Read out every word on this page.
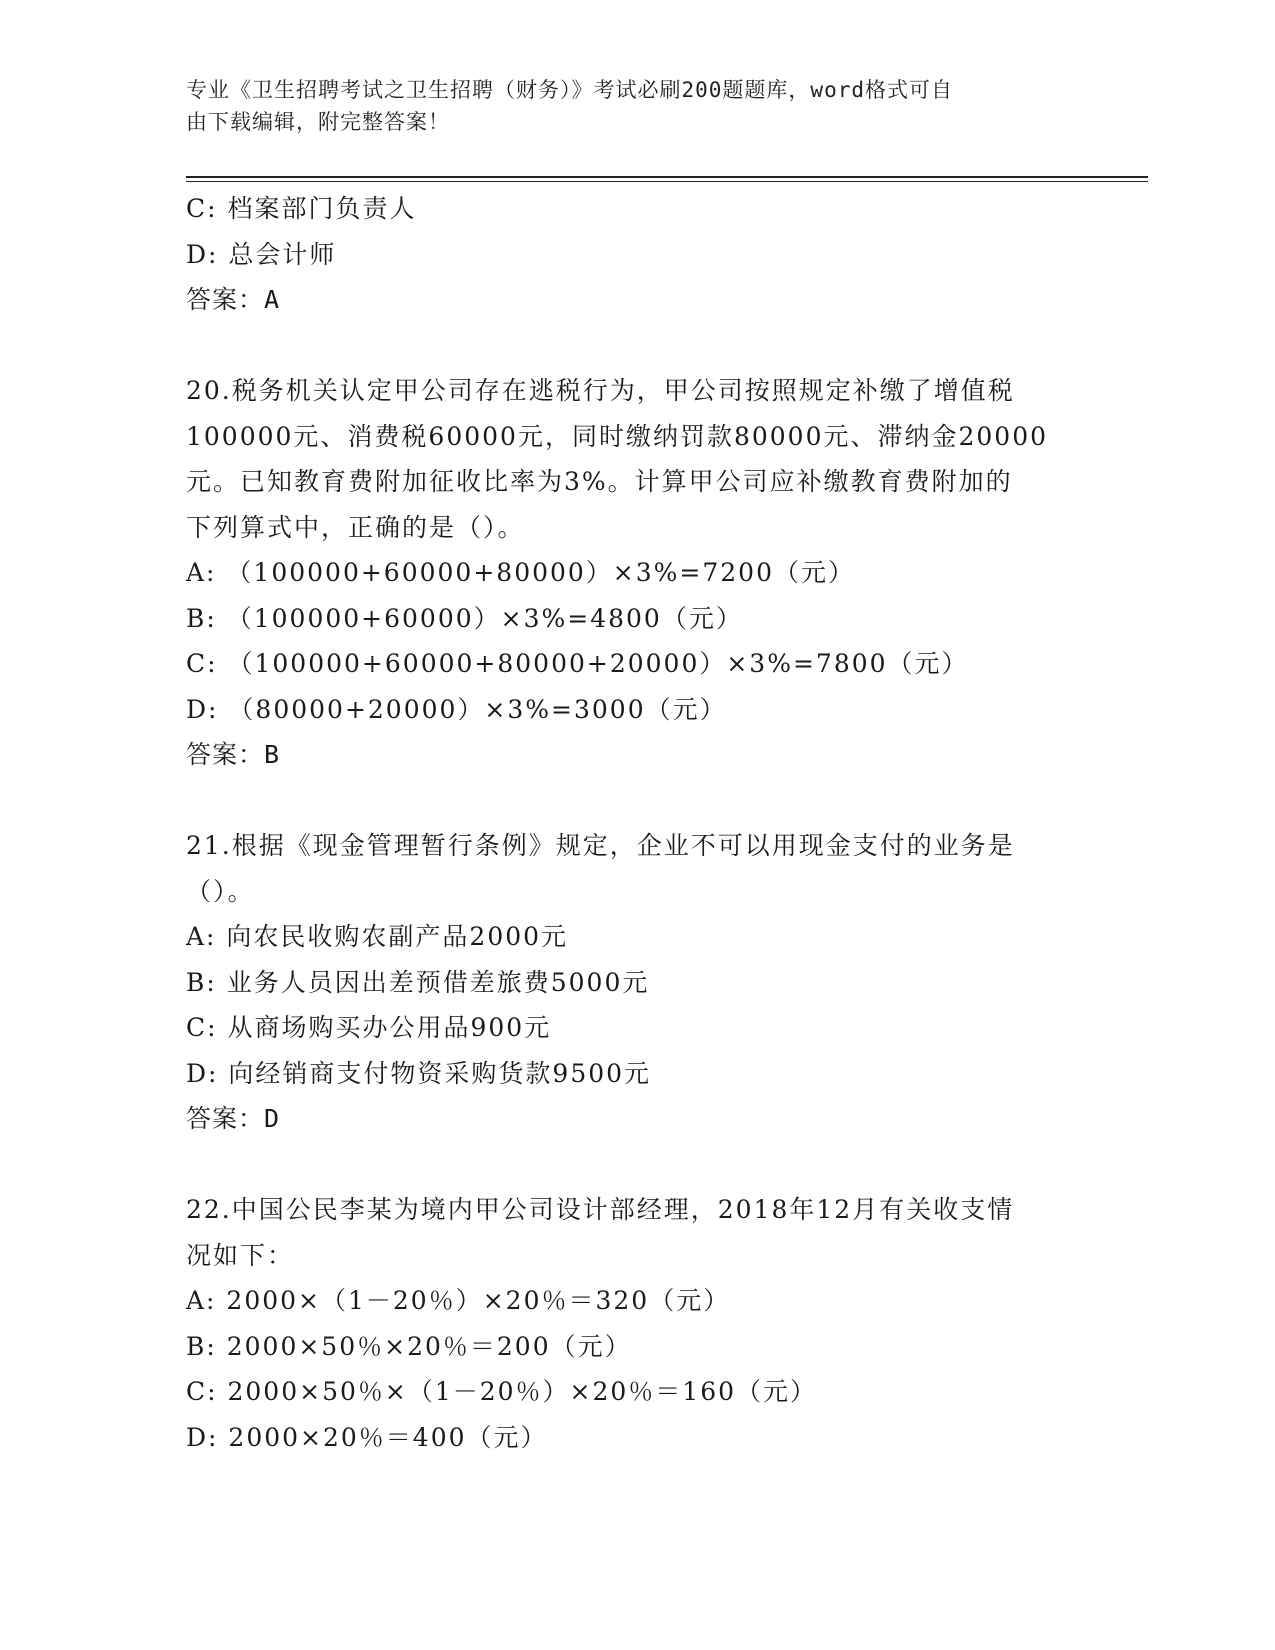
专业《卫生招聘考试之卫生招聘（财务）》考试必刷200题题库，word格式可自
由下载编辑，附完整答案！
C: 档案部门负责人
D: 总会计师
答案：A
20.税务机关认定甲公司存在逃税行为，甲公司按照规定补缴了增值税
100000元、消费税60000元，同时缴纳罚款80000元、滞纳金20000
元。已知教育费附加征收比率为3%。计算甲公司应补缴教育费附加的
下列算式中，正确的是（）。
A: （100000+60000+80000）×3%=7200（元）
B: （100000+60000）×3%=4800（元）
C: （100000+60000+80000+20000）×3%=7800（元）
D: （80000+20000）×3%=3000（元）
答案：B
21.根据《现金管理暂行条例》规定，企业不可以用现金支付的业务是
（）。
A: 向农民收购农副产品2000元
B: 业务人员因出差预借差旅费5000元
C: 从商场购买办公用品900元
D: 向经销商支付物资采购货款9500元
答案：D
22.中国公民李某为境内甲公司设计部经理，2018年12月有关收支情
况如下：
A: 2000×（1－20％）×20％＝320（元）
B: 2000×50％×20％＝200（元）
C: 2000×50％×（1－20％）×20％＝160（元）
D: 2000×20％＝400（元）
